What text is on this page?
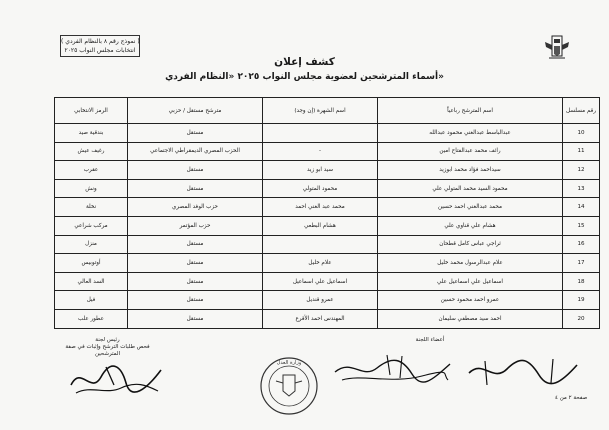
( نموذج رقم ٨ بالنظام الفردي )
انتخابات مجلس النواب ٢٠٢٥
كشف إعلان
أسماء المترشحين لعضوية مجلس النواب ٢٠٢٥ «النظام الفردي»
رقم مسلسل	اسم المترشح رباعياً	اسم الشهرة (إن وجد)	مترشح مستقل / حزبي	الرمز الانتخابي
10	عبدالباسط عبدالغني محمود عبدالله		مستقل	بندقية صيد
11	رائف محمد عبدالفتاح امين	-	الحزب المصري الديمقراطي الاجتماعي	رغيف عيش
12	سيداحمد فؤاد محمد ابوزيد	سيد ابو زيد	مستقل	عقرب
13	محمود السيد محمد المتولي علي	محمود المتولي	مستقل	ونش
14	محمد عبدالغني احمد حسين	محمد عبد الغني احمد	حزب الوفد المصري	نخلة
15	هشام علي قناوي علي	هشام البطعي	حزب المؤتمر	مركب شراعي
16	ثراجي عباس كامل قطحان		مستقل	منزل
17	علام عبدالرسول محمد خليل	علام خليل	مستقل	أوتوبيس
18	اسماعيل علي اسماعيل علي	اسماعيل علي اسماعيل	مستقل	السد العالي
19	عمرو احمد محمود حسين	عمرو قنديل	مستقل	فيل
20	احمد سيد مصطفي سليمان	المهندس احمد الأقرع	مستقل	عطور علب
رئيس لجنة
فحص طلبات الترشح وإثبات في صفة المترشحين
أعضاء اللجنة
وزارة العدل
صفحة ٢ من ٤
